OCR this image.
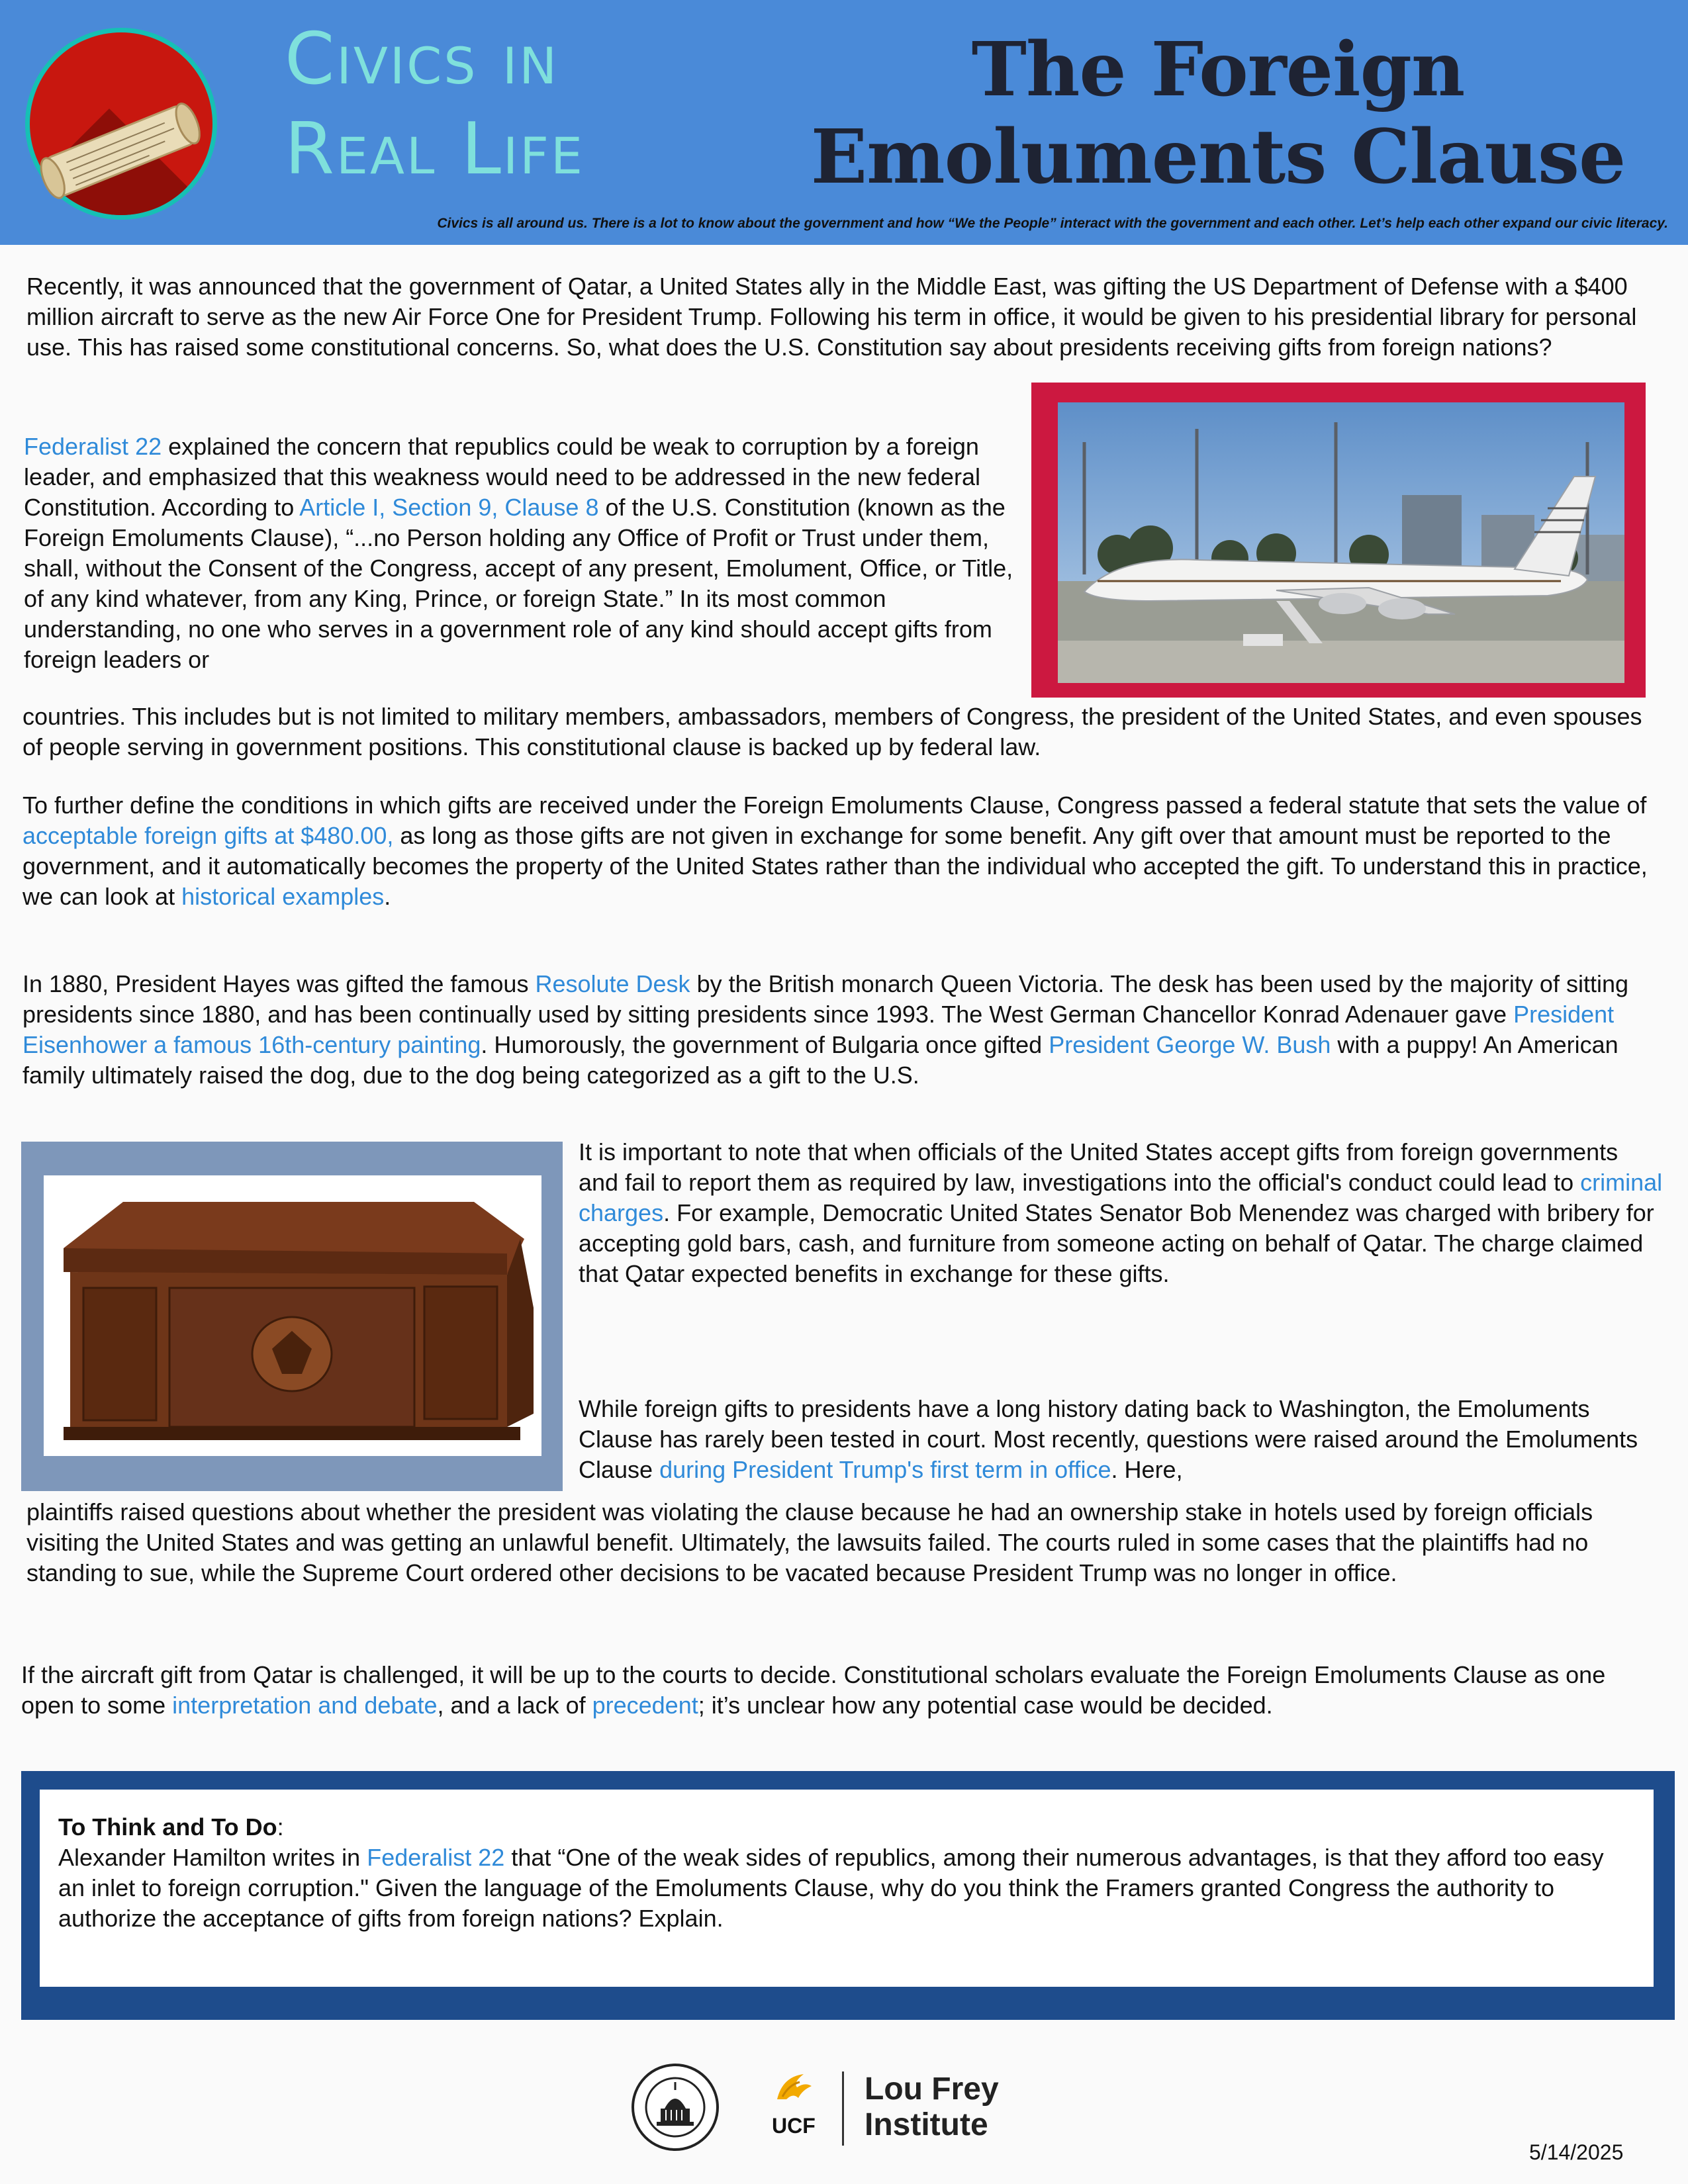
Civics in
Real Life
The Foreign
Emoluments Clause
Civics is all around us. There is a lot to know about the government and how “We the People” interact with the government and each other. Let’s help each other expand our civic literacy.

Recently, it was announced that the government of Qatar, a United States ally in the Middle East, was gifting the US Department of Defense with a $400 million aircraft to serve as the new Air Force One for President Trump. Following his term in office, it would be given to his presidential library for personal use. This has raised some constitutional concerns. So, what does the U.S. Constitution say about presidents receiving gifts from foreign nations?

Federalist 22 explained the concern that republics could be weak to corruption by a foreign leader, and emphasized that this weakness would need to be addressed in the new federal Constitution. According to Article I, Section 9, Clause 8 of the U.S. Constitution (known as the Foreign Emoluments Clause), “...no Person holding any Office of Profit or Trust under them, shall, without the Consent of the Congress, accept of any present, Emolument, Office, or Title, of any kind whatever, from any King, Prince, or foreign State.” In its most common understanding, no one who serves in a government role of any kind should accept gifts from foreign leaders or

countries. This includes but is not limited to military members, ambassadors, members of Congress, the president of the United States, and even spouses of people serving in government positions. This constitutional clause is backed up by federal law.

To further define the conditions in which gifts are received under the Foreign Emoluments Clause, Congress passed a federal statute that sets the value of acceptable foreign gifts at $480.00, as long as those gifts are not given in exchange for some benefit. Any gift over that amount must be reported to the government, and it automatically becomes the property of the United States rather than the individual who accepted the gift. To understand this in practice, we can look at historical examples.

In 1880, President Hayes was gifted the famous Resolute Desk by the British monarch Queen Victoria. The desk has been used by the majority of sitting presidents since 1880, and has been continually used by sitting presidents since 1993. The West German Chancellor Konrad Adenauer gave President Eisenhower a famous 16th-century painting. Humorously, the government of Bulgaria once gifted President George W. Bush with a puppy! An American family ultimately raised the dog, due to the dog being categorized as a gift to the U.S.

It is important to note that when officials of the United States accept gifts from foreign governments and fail to report them as required by law, investigations into the official's conduct could lead to criminal charges. For example, Democratic United States Senator Bob Menendez was charged with bribery for accepting gold bars, cash, and furniture from someone acting on behalf of Qatar. The charge claimed that Qatar expected benefits in exchange for these gifts.

While foreign gifts to presidents have a long history dating back to Washington, the Emoluments Clause has rarely been tested in court. Most recently, questions were raised around the Emoluments Clause during President Trump's first term in office. Here,

plaintiffs raised questions about whether the president was violating the clause because he had an ownership stake in hotels used by foreign officials visiting the United States and was getting an unlawful benefit. Ultimately, the lawsuits failed. The courts ruled in some cases that the plaintiffs had no standing to sue, while the Supreme Court ordered other decisions to be vacated because President Trump was no longer in office.

If the aircraft gift from Qatar is challenged, it will be up to the courts to decide. Constitutional scholars evaluate the Foreign Emoluments Clause as one open to some interpretation and debate, and a lack of precedent; it’s unclear how any potential case would be decided.

To Think and To Do:
Alexander Hamilton writes in Federalist 22 that “One of the weak sides of republics, among their numerous advantages, is that they afford too easy an inlet to foreign corruption." Given the language of the Emoluments Clause, why do you think the Framers granted Congress the authority to authorize the acceptance of gifts from foreign nations? Explain.

UCF
Lou Frey
Institute
5/14/2025
